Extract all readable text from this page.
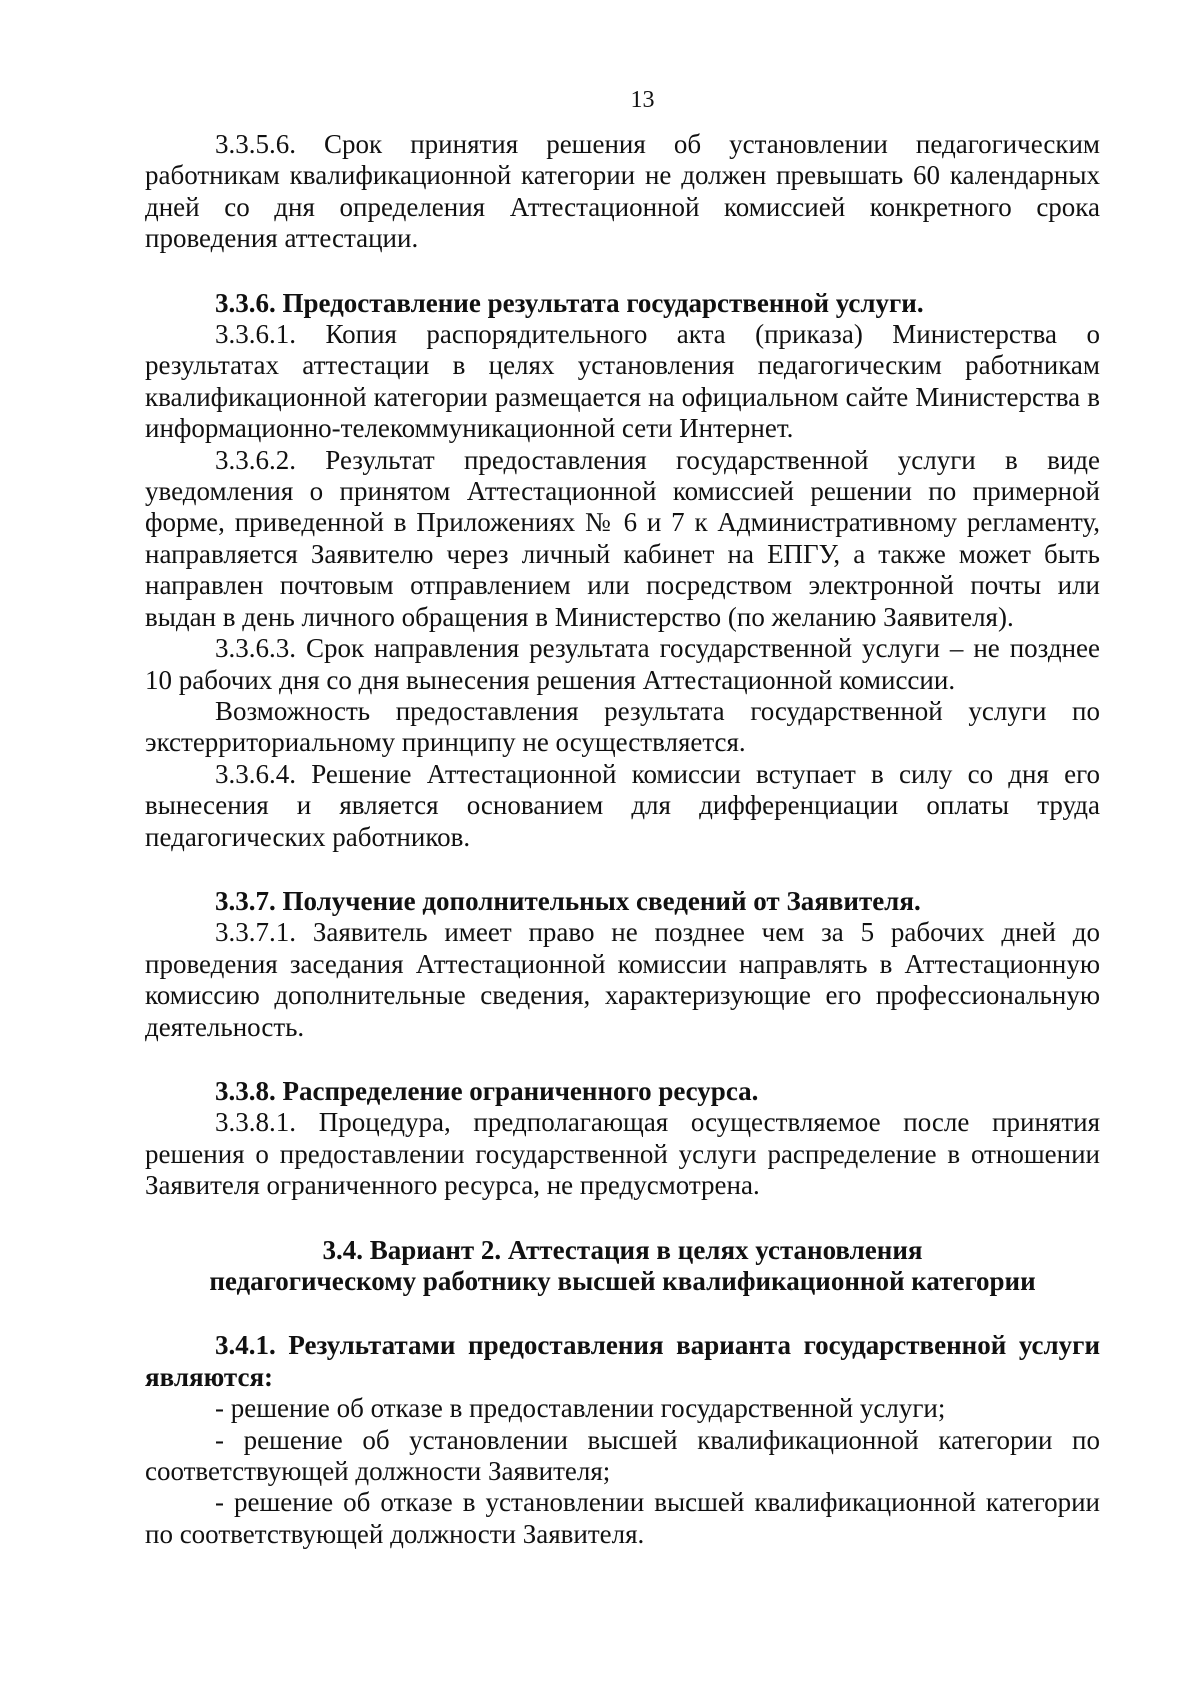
13

3.3.5.6. Срок принятия решения об установлении педагогическим работникам квалификационной категории не должен превышать 60 календарных дней со дня определения Аттестационной комиссией конкретного срока проведения аттестации.

3.3.6. Предоставление результата государственной услуги.

3.3.6.1. Копия распорядительного акта (приказа) Министерства о результатах аттестации в целях установления педагогическим работникам квалификационной категории размещается на официальном сайте Министерства в информационно-телекоммуникационной сети Интернет.

3.3.6.2. Результат предоставления государственной услуги в виде уведомления о принятом Аттестационной комиссией решении по примерной форме, приведенной в Приложениях № 6 и 7 к Административному регламенту, направляется Заявителю через личный кабинет на ЕПГУ, а также может быть направлен почтовым отправлением или посредством электронной почты или выдан в день личного обращения в Министерство (по желанию Заявителя).

3.3.6.3. Срок направления результата государственной услуги – не позднее 10 рабочих дня со дня вынесения решения Аттестационной комиссии.

Возможность предоставления результата государственной услуги по экстерриториальному принципу не осуществляется.

3.3.6.4. Решение Аттестационной комиссии вступает в силу со дня его вынесения и является основанием для дифференциации оплаты труда педагогических работников.

3.3.7. Получение дополнительных сведений от Заявителя.

3.3.7.1. Заявитель имеет право не позднее чем за 5 рабочих дней до проведения заседания Аттестационной комиссии направлять в Аттестационную комиссию дополнительные сведения, характеризующие его профессиональную деятельность.

3.3.8. Распределение ограниченного ресурса.

3.3.8.1. Процедура, предполагающая осуществляемое после принятия решения о предоставлении государственной услуги распределение в отношении Заявителя ограниченного ресурса, не предусмотрена.

3.4. Вариант 2. Аттестация в целях установления
педагогическому работнику высшей квалификационной категории

3.4.1. Результатами предоставления варианта государственной услуги являются:

- решение об отказе в предоставлении государственной услуги;

- решение об установлении высшей квалификационной категории по соответствующей должности Заявителя;

- решение об отказе в установлении высшей квалификационной категории по соответствующей должности Заявителя.
